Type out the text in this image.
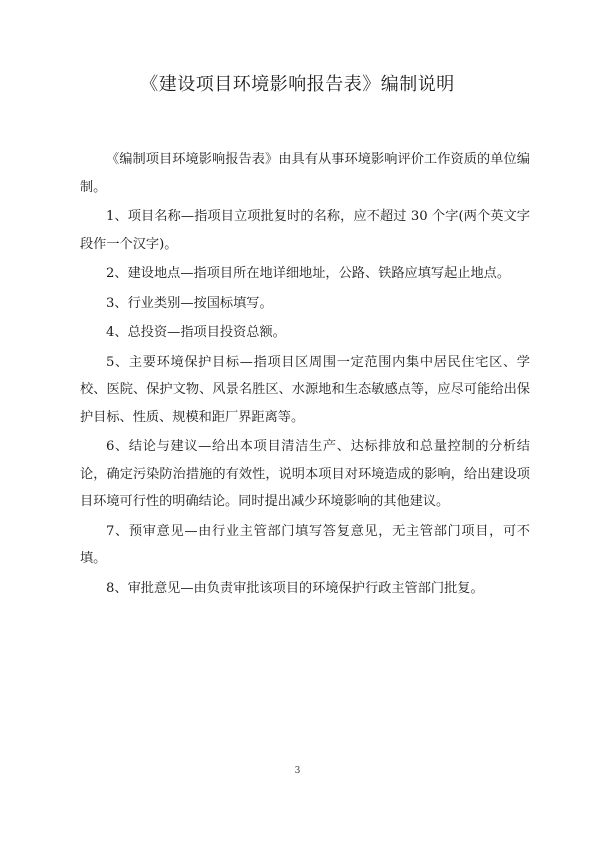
《建设项目环境影响报告表》编制说明

《编制项目环境影响报告表》由具有从事环境影响评价工作资质的单位编制。

1、项目名称—指项目立项批复时的名称，应不超过 30 个字(两个英文字段作一个汉字)。

2、建设地点—指项目所在地详细地址，公路、铁路应填写起止地点。

3、行业类别—按国标填写。

4、总投资—指项目投资总额。

5、主要环境保护目标—指项目区周围一定范围内集中居民住宅区、学校、医院、保护文物、风景名胜区、水源地和生态敏感点等，应尽可能给出保护目标、性质、规模和距厂界距离等。

6、结论与建议—给出本项目清洁生产、达标排放和总量控制的分析结论，确定污染防治措施的有效性，说明本项目对环境造成的影响，给出建设项目环境可行性的明确结论。同时提出减少环境影响的其他建议。

7、预审意见—由行业主管部门填写答复意见，无主管部门项目，可不填。

8、审批意见—由负责审批该项目的环境保护行政主管部门批复。

3
